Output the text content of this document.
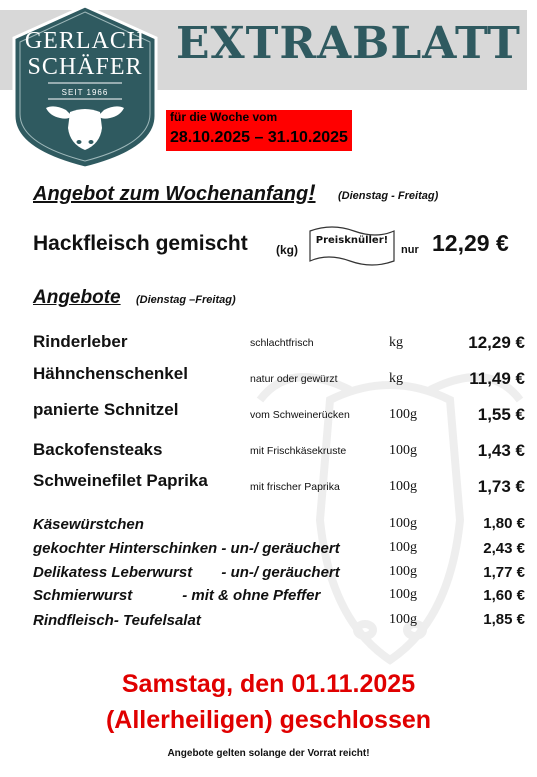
EXTRABLATT
GERLACH
SCHÄFER
SEIT 1966
für die Woche vom
28.10.2025 – 31.10.2025
Angebot zum Wochenanfang! (Dienstag - Freitag)
Hackfleisch gemischt (kg)
Preisknüller!
nur 12,29 €
Angebote (Dienstag –Freitag)
Rinderleber	schlachtfrisch	kg	12,29 €
Hähnchenschenkel	natur oder gewürzt	kg	11,49 €
panierte Schnitzel	vom Schweinerücken	100g	1,55 €
Backofensteaks	mit Frischkäsekruste	100g	1,43 €
Schweinefilet Paprika	mit frischer Paprika	100g	1,73 €
Käsewürstchen	100g	1,80 €
gekochter Hinterschinken - un-/ geräuchert	100g	2,43 €
Delikatess Leberwurst       - un-/ geräuchert	100g	1,77 €
Schmierwurst            - mit & ohne Pfeffer	100g	1,60 €
Rindfleisch- Teufelsalat	100g	1,85 €
Samstag, den 01.11.2025
(Allerheiligen) geschlossen
Angebote gelten solange der Vorrat reicht!
